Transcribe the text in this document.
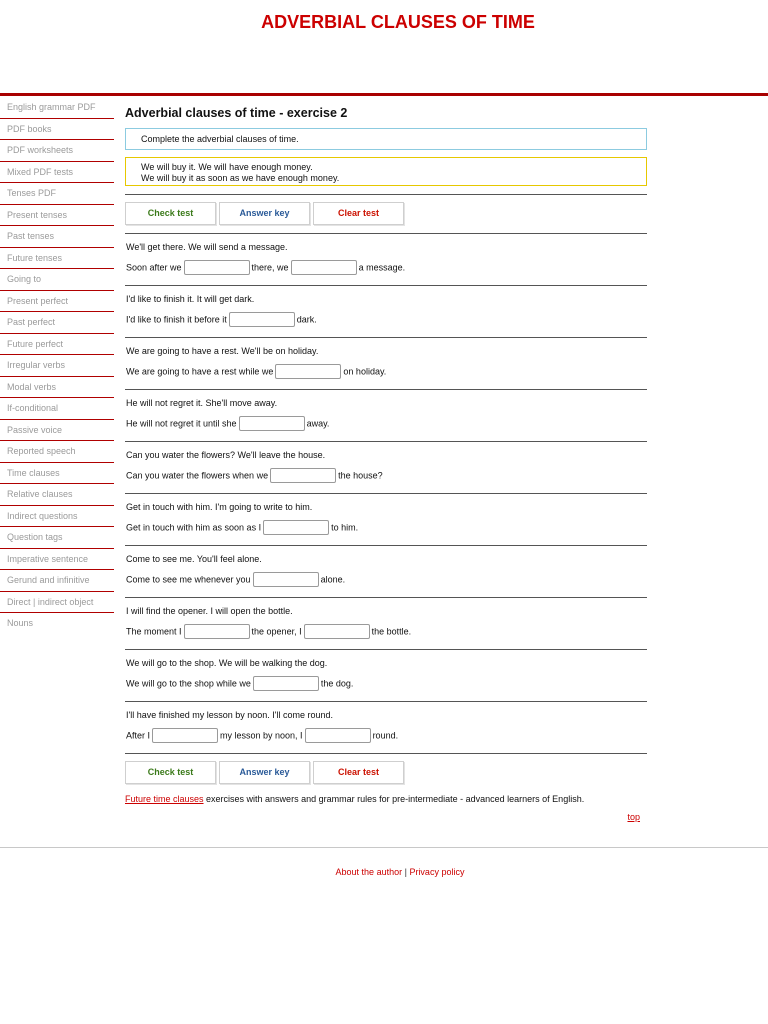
ADVERBIAL CLAUSES OF TIME
English grammar PDF
PDF books
PDF worksheets
Mixed PDF tests
Tenses PDF
Present tenses
Past tenses
Future tenses
Going to
Present perfect
Past perfect
Future perfect
Irregular verbs
Modal verbs
If-conditional
Passive voice
Reported speech
Time clauses
Relative clauses
Indirect questions
Question tags
Imperative sentence
Gerund and infinitive
Direct | indirect object
Nouns
Adverbial clauses of time - exercise 2
Complete the adverbial clauses of time.
We will buy it. We will have enough money.
We will buy it as soon as we have enough money.
Check test	Answer key	Clear test
We'll get there. We will send a message.
Soon after we	there, we	a message.
I'd like to finish it. It will get dark.
I'd like to finish it before it	dark.
We are going to have a rest. We'll be on holiday.
We are going to have a rest while we	on holiday.
He will not regret it. She'll move away.
He will not regret it until she	away.
Can you water the flowers? We'll leave the house.
Can you water the flowers when we	the house?
Get in touch with him. I'm going to write to him.
Get in touch with him as soon as I	to him.
Come to see me. You'll feel alone.
Come to see me whenever you	alone.
I will find the opener. I will open the bottle.
The moment I	the opener, I	the bottle.
We will go to the shop. We will be walking the dog.
We will go to the shop while we	the dog.
I'll have finished my lesson by noon. I'll come round.
After I	my lesson by noon, I	round.
Check test	Answer key	Clear test
Future time clauses exercises with answers and grammar rules for pre-intermediate - advanced learners of English.
top
About the author | Privacy policy
